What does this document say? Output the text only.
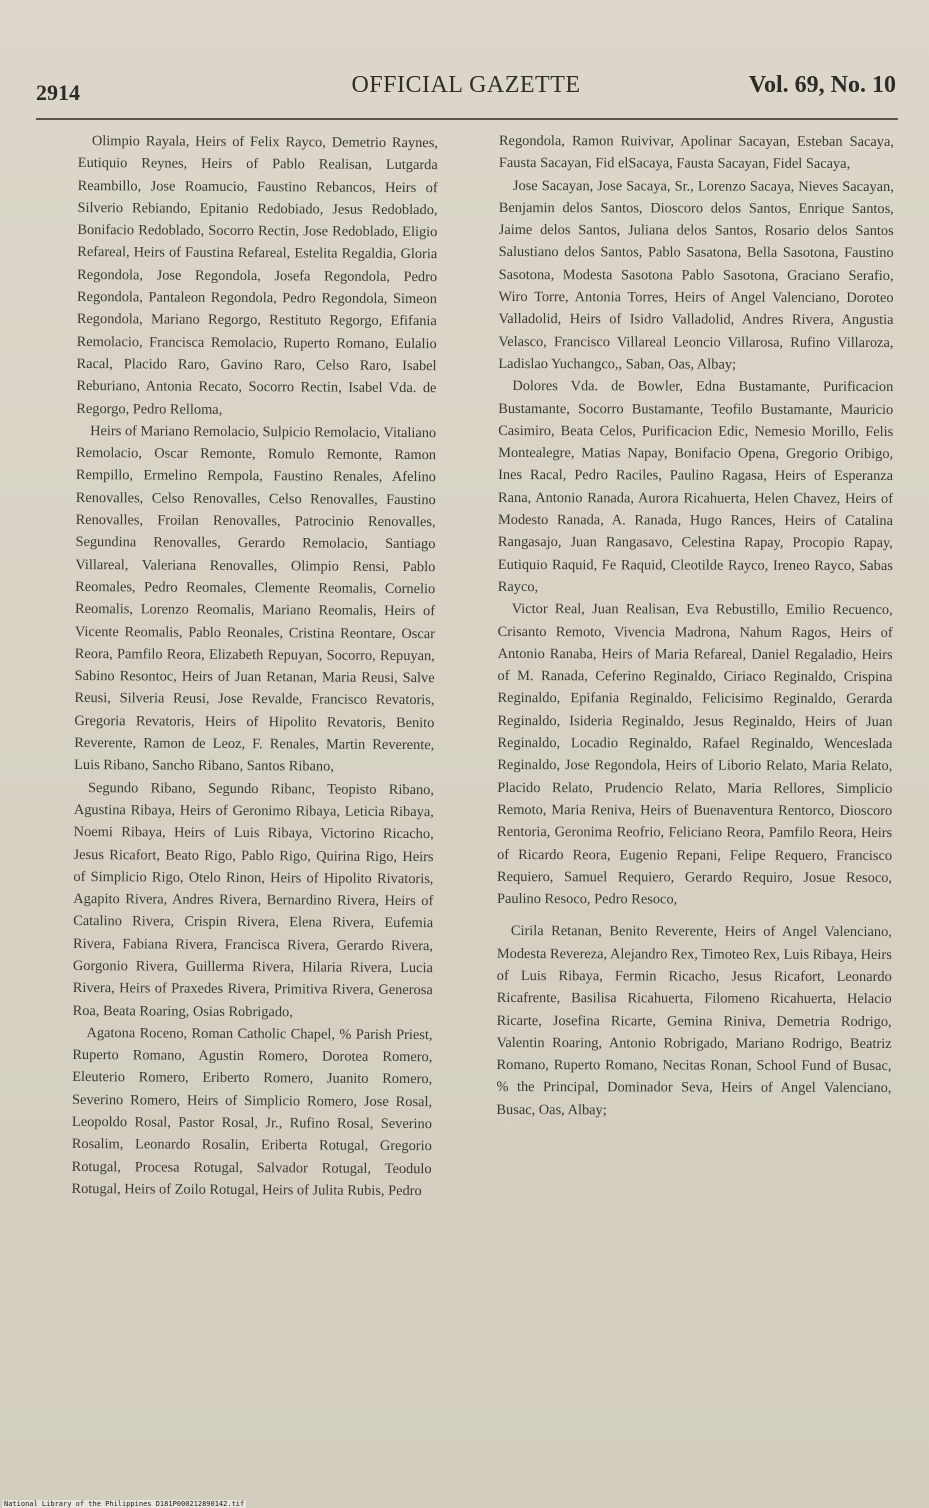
2914	OFFICIAL GAZETTE	Vol. 69, No. 10

Olimpio Rayala, Heirs of Felix Rayco, Demetrio Raynes, Eutiquio Reynes, Heirs of Pablo Realisan, Lutgarda Reambillo, Jose Roamucio, Faustino Rebancos, Heirs of Silverio Rebiando, Epitanio Redobiado, Jesus Redoblado, Bonifacio Redoblado, Socorro Rectin, Jose Redoblado, Eligio Refareal, Heirs of Faustina Refareal, Estelita Regaldia, Gloria Regondola, Jose Regondola, Josefa Regondola, Pedro Regondola, Pantaleon Regondola, Pedro Regondola, Simeon Regondola, Mariano Regorgo, Restituto Regorgo, Efifania Remolacio, Francisca Remolacio, Ruperto Romano, Eulalio Racal, Placido Raro, Gavino Raro, Celso Raro, Isabel Reburiano, Antonia Recato, Socorro Rectin, Isabel Vda. de Regorgo, Pedro Relloma,

Heirs of Mariano Remolacio, Sulpicio Remolacio, Vitaliano Remolacio, Oscar Remonte, Romulo Remonte, Ramon Rempillo, Ermelino Rempola, Faustino Renales, Afelino Renovalles, Celso Renovalles, Celso Renovalles, Faustino Renovalles, Froilan Renovalles, Patrocinio Renovalles, Segundina Renovalles, Gerardo Remolacio, Santiago Villareal, Valeriana Renovalles, Olimpio Rensi, Pablo Reomales, Pedro Reomales, Clemente Reomalis, Cornelio Reomalis, Lorenzo Reomalis, Mariano Reomalis, Heirs of Vicente Reomalis, Pablo Reonales, Cristina Reontare, Oscar Reora, Pamfilo Reora, Elizabeth Repuyan, Socorro, Repuyan, Sabino Resontoc, Heirs of Juan Retanan, Maria Reusi, Salve Reusi, Silveria Reusi, Jose Revalde, Francisco Revatoris, Gregoria Revatoris, Heirs of Hipolito Revatoris, Benito Reverente, Ramon de Leoz, F. Renales, Martin Reverente, Luis Ribano, Sancho Ribano, Santos Ribano,

Segundo Ribano, Segundo Ribanc, Teopisto Ribano, Agustina Ribaya, Heirs of Geronimo Ribaya, Leticia Ribaya, Noemi Ribaya, Heirs of Luis Ribaya, Victorino Ricacho, Jesus Ricafort, Beato Rigo, Pablo Rigo, Quirina Rigo, Heirs of Simplicio Rigo, Otelo Rinon, Heirs of Hipolito Rivatoris, Agapito Rivera, Andres Rivera, Bernardino Rivera, Heirs of Catalino Rivera, Crispin Rivera, Elena Rivera, Eufemia Rivera, Fabiana Rivera, Francisca Rivera, Gerardo Rivera, Gorgonio Rivera, Guillerma Rivera, Hilaria Rivera, Lucia Rivera, Heirs of Praxedes Rivera, Primitiva Rivera, Generosa Roa, Beata Roaring, Osias Robrigado,

Agatona Roceno, Roman Catholic Chapel, % Parish Priest, Ruperto Romano, Agustin Romero, Dorotea Romero, Eleuterio Romero, Eriberto Romero, Juanito Romero, Severino Romero, Heirs of Simplicio Romero, Jose Rosal, Leopoldo Rosal, Pastor Rosal, Jr., Rufino Rosal, Severino Rosalim, Leonardo Rosalin, Eriberta Rotugal, Gregorio Rotugal, Procesa Rotugal, Salvador Rotugal, Teodulo Rotugal, Heirs of Zoilo Rotugal, Heirs of Julita Rubis, Pedro

Regondola, Ramon Ruivivar, Apolinar Sacayan, Esteban Sacaya, Fausta Sacayan, Fid elSacaya, Fausta Sacayan, Fidel Sacaya,

Jose Sacayan, Jose Sacaya, Sr., Lorenzo Sacaya, Nieves Sacayan, Benjamin delos Santos, Dioscoro delos Santos, Enrique Santos, Jaime delos Santos, Juliana delos Santos, Rosario delos Santos Salustiano delos Santos, Pablo Sasatona, Bella Sasotona, Faustino Sasotona, Modesta Sasotona Pablo Sasotona, Graciano Serafio, Wiro Torre, Antonia Torres, Heirs of Angel Valenciano, Doroteo Valladolid, Heirs of Isidro Valladolid, Andres Rivera, Angustia Velasco, Francisco Villareal Leoncio Villarosa, Rufino Villaroza, Ladislao Yuchangco,, Saban, Oas, Albay;

Dolores Vda. de Bowler, Edna Bustamante, Purificacion Bustamante, Socorro Bustamante, Teofilo Bustamante, Mauricio Casimiro, Beata Celos, Purificacion Edic, Nemesio Morillo, Felis Montealegre, Matias Napay, Bonifacio Opena, Gregorio Oribigo, Ines Racal, Pedro Raciles, Paulino Ragasa, Heirs of Esperanza Rana, Antonio Ranada, Aurora Ricahuerta, Helen Chavez, Heirs of Modesto Ranada, A. Ranada, Hugo Rances, Heirs of Catalina Rangasajo, Juan Rangasavo, Celestina Rapay, Procopio Rapay, Eutiquio Raquid, Fe Raquid, Cleotilde Rayco, Ireneo Rayco, Sabas Rayco,

Victor Real, Juan Realisan, Eva Rebustillo, Emilio Recuenco, Crisanto Remoto, Vivencia Madrona, Nahum Ragos, Heirs of Antonio Ranaba, Heirs of Maria Refareal, Daniel Regaladio, Heirs of M. Ranada, Ceferino Reginaldo, Ciriaco Reginaldo, Crispina Reginaldo, Epifania Reginaldo, Felicisimo Reginaldo, Gerarda Reginaldo, Isideria Reginaldo, Jesus Reginaldo, Heirs of Juan Reginaldo, Locadio Reginaldo, Rafael Reginaldo, Wenceslada Reginaldo, Jose Regondola, Heirs of Liborio Relato, Maria Relato, Placido Relato, Prudencio Relato, Maria Rellores, Simplicio Remoto, Maria Reniva, Heirs of Buenaventura Rentorco, Dioscoro Rentoria, Geronima Reofrio, Feliciano Reora, Pamfilo Reora, Heirs of Ricardo Reora, Eugenio Repani, Felipe Requero, Francisco Requiero, Samuel Requiero, Gerardo Requiro, Josue Resoco, Paulino Resoco, Pedro Resoco,

Cirila Retanan, Benito Reverente, Heirs of Angel Valenciano, Modesta Revereza, Alejandro Rex, Timoteo Rex, Luis Ribaya, Heirs of Luis Ribaya, Fermin Ricacho, Jesus Ricafort, Leonardo Ricafrente, Basilisa Ricahuerta, Filomeno Ricahuerta, Helacio Ricarte, Josefina Ricarte, Gemina Riniva, Demetria Rodrigo, Valentin Roaring, Antonio Robrigado, Mariano Rodrigo, Beatriz Romano, Ruperto Romano, Necitas Ronan, School Fund of Busac, % the Principal, Dominador Seva, Heirs of Angel Valenciano, Busac, Oas, Albay;

National Library of the Philippines D181P000212890142.tif
